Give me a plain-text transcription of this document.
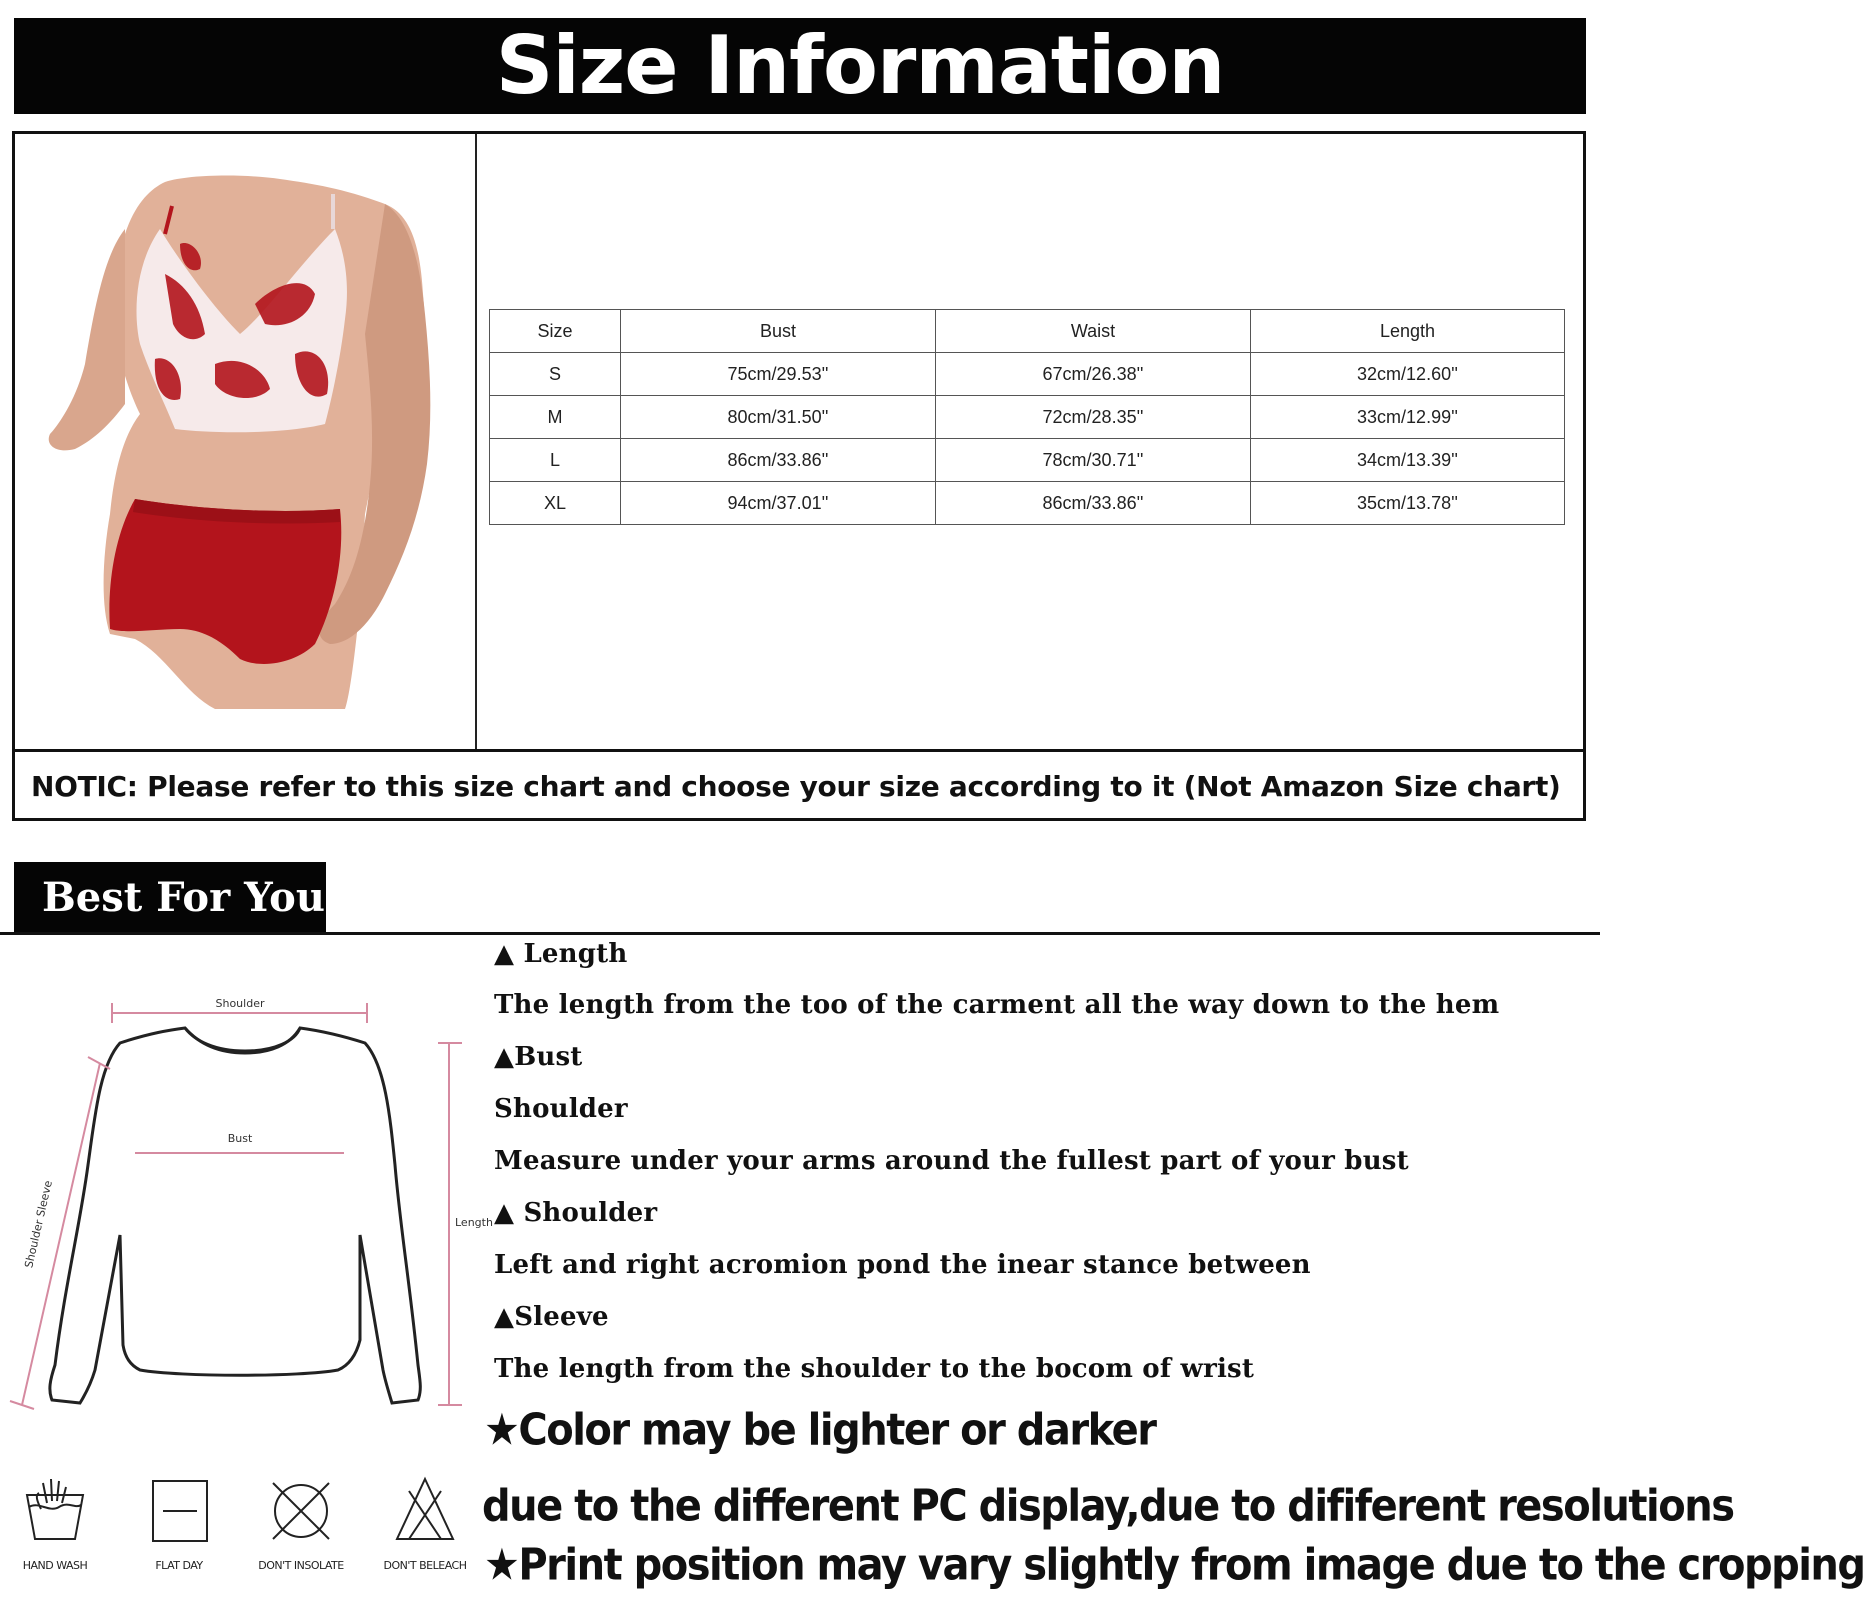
Size Information
NOTIC: Please refer to this size chart and choose your size according to it (Not Amazon Size chart)
Size	Bust	Waist	Length
S	75cm/29.53''	67cm/26.38''	32cm/12.60''
M	80cm/31.50''	72cm/28.35''	33cm/12.99''
L	86cm/33.86''	78cm/30.71''	34cm/13.39''
XL	94cm/37.01''	86cm/33.86''	35cm/13.78''
Best For You
Shoulder
Bust
Length
Shoulder Sleeve
▲ Length
The length from the too of the carment all the way down to the hem
▲Bust
Shoulder
Measure under your arms around the fullest part of your bust
▲ Shoulder
Left and right acromion pond the inear stance between
▲Sleeve
The length from the shoulder to the bocom of wrist
★Color may be lighter or darker
due to the different PC display,due to dififerent resolutions
★Print position may vary slightly from image due to the cropping
HAND WASH	FLAT DAY	DON'T INSOLATE	DON'T BELEACH
